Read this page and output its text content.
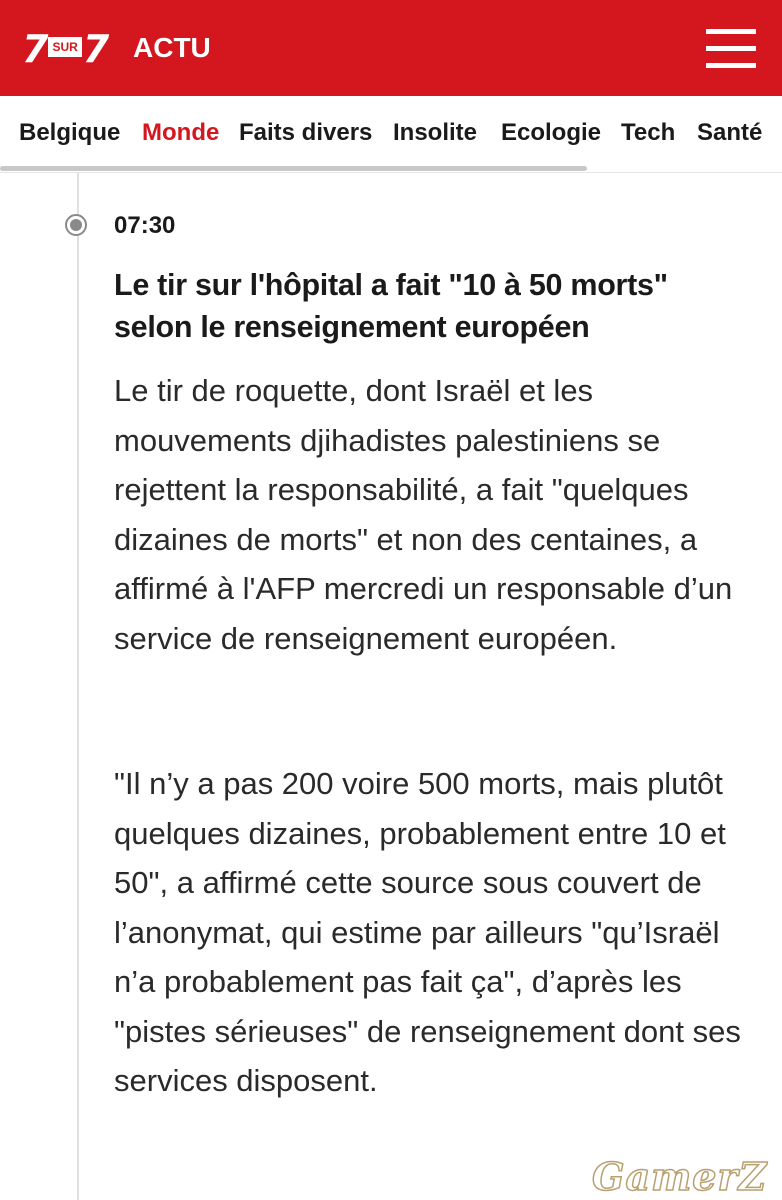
7 SUR 7 ACTU
Belgique Monde Faits divers Insolite Ecologie Tech Santé
07:30
Le tir sur l'hôpital a fait "10 à 50 morts" selon le renseignement européen

Le tir de roquette, dont Israël et les mouvements djihadistes palestiniens se rejettent la responsabilité, a fait "quelques dizaines de morts" et non des centaines, a affirmé à l'AFP mercredi un responsable d’un service de renseignement européen.

"Il n’y a pas 200 voire 500 morts, mais plutôt quelques dizaines, probablement entre 10 et 50", a affirmé cette source sous couvert de l’anonymat, qui estime par ailleurs "qu’Israël n’a probablement pas fait ça", d’après les "pistes sérieuses" de renseignement dont ses services disposent.

GamerZ
